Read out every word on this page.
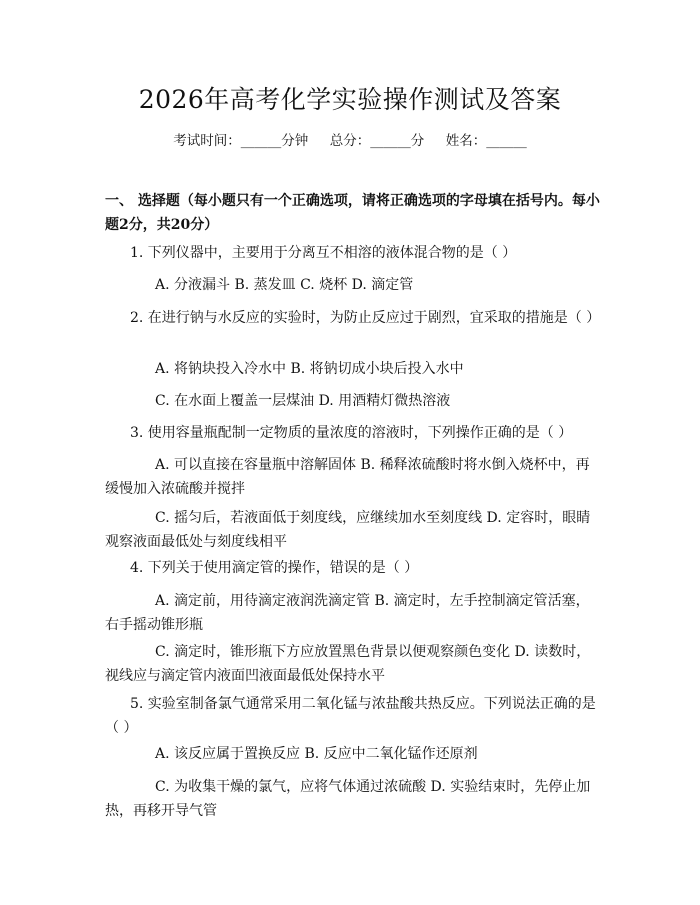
2026年高考化学实验操作测试及答案
考试时间：______分钟     总分：______分     姓名：______
一、 选择题（每小题只有一个正确选项，请将正确选项的字母填在括号内。每小题2分，共20分）
1. 下列仪器中，主要用于分离互不相溶的液体混合物的是（ ）
A. 分液漏斗 B. 蒸发皿 C. 烧杯 D. 滴定管
2. 在进行钠与水反应的实验时，为防止反应过于剧烈，宜采取的措施是（ ）
A. 将钠块投入冷水中 B. 将钠切成小块后投入水中
C. 在水面上覆盖一层煤油 D. 用酒精灯微热溶液
3. 使用容量瓶配制一定物质的量浓度的溶液时，下列操作正确的是（ ）
A. 可以直接在容量瓶中溶解固体 B. 稀释浓硫酸时将水倒入烧杯中，再缓慢加入浓硫酸并搅拌
C. 摇匀后，若液面低于刻度线，应继续加水至刻度线 D. 定容时，眼睛观察液面最低处与刻度线相平
4. 下列关于使用滴定管的操作，错误的是（ ）
A. 滴定前，用待滴定液润洗滴定管 B. 滴定时，左手控制滴定管活塞，右手摇动锥形瓶
C. 滴定时，锥形瓶下方应放置黑色背景以便观察颜色变化 D. 读数时，视线应与滴定管内液面凹液面最低处保持水平
5. 实验室制备氯气通常采用二氧化锰与浓盐酸共热反应。下列说法正确的是（ ）
A. 该反应属于置换反应 B. 反应中二氧化锰作还原剂
C. 为收集干燥的氯气，应将气体通过浓硫酸 D. 实验结束时，先停止加热，再移开导气管
